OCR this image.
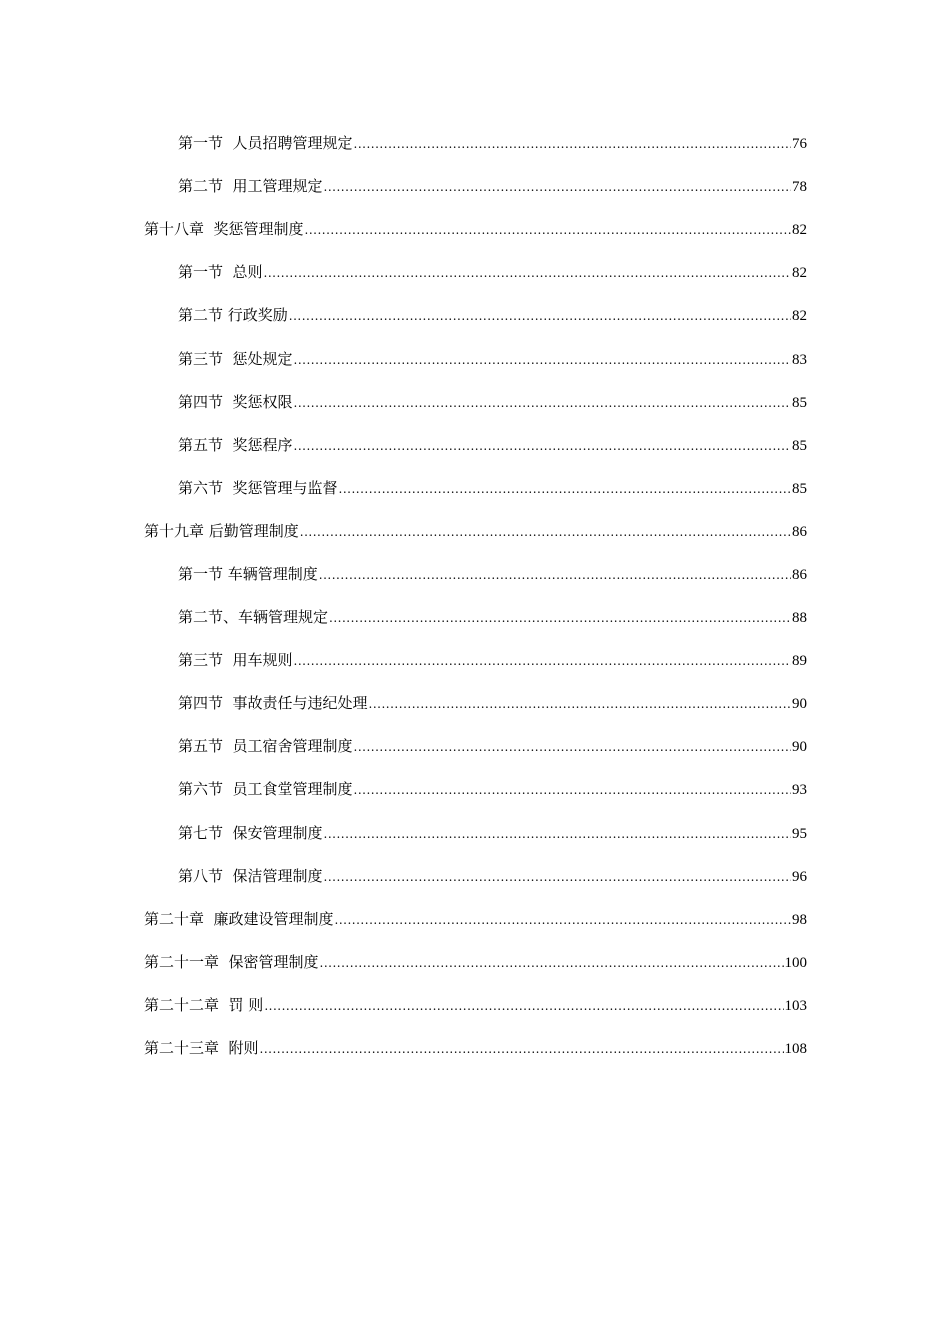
第一节  人员招聘管理规定 .....	76
第二节  用工管理规定 .....	78
第十八章  奖惩管理制度 .....	82
第一节  总则 .....	82
第二节 行政奖励 .....	82
第三节  惩处规定 .....	83
第四节  奖惩权限 .....	85
第五节  奖惩程序 .....	85
第六节  奖惩管理与监督 .....	85
第十九章 后勤管理制度 .....	86
第一节 车辆管理制度 .....	86
第二节、车辆管理规定 .....	88
第三节  用车规则 .....	89
第四节  事故责任与违纪处理 .....	90
第五节  员工宿舍管理制度 .....	90
第六节  员工食堂管理制度 .....	93
第七节  保安管理制度 .....	95
第八节  保洁管理制度 .....	96
第二十章  廉政建设管理制度 .....	98
第二十一章  保密管理制度 .....	100
第二十二章  罚 则 .....	103
第二十三章  附则 .....	108
